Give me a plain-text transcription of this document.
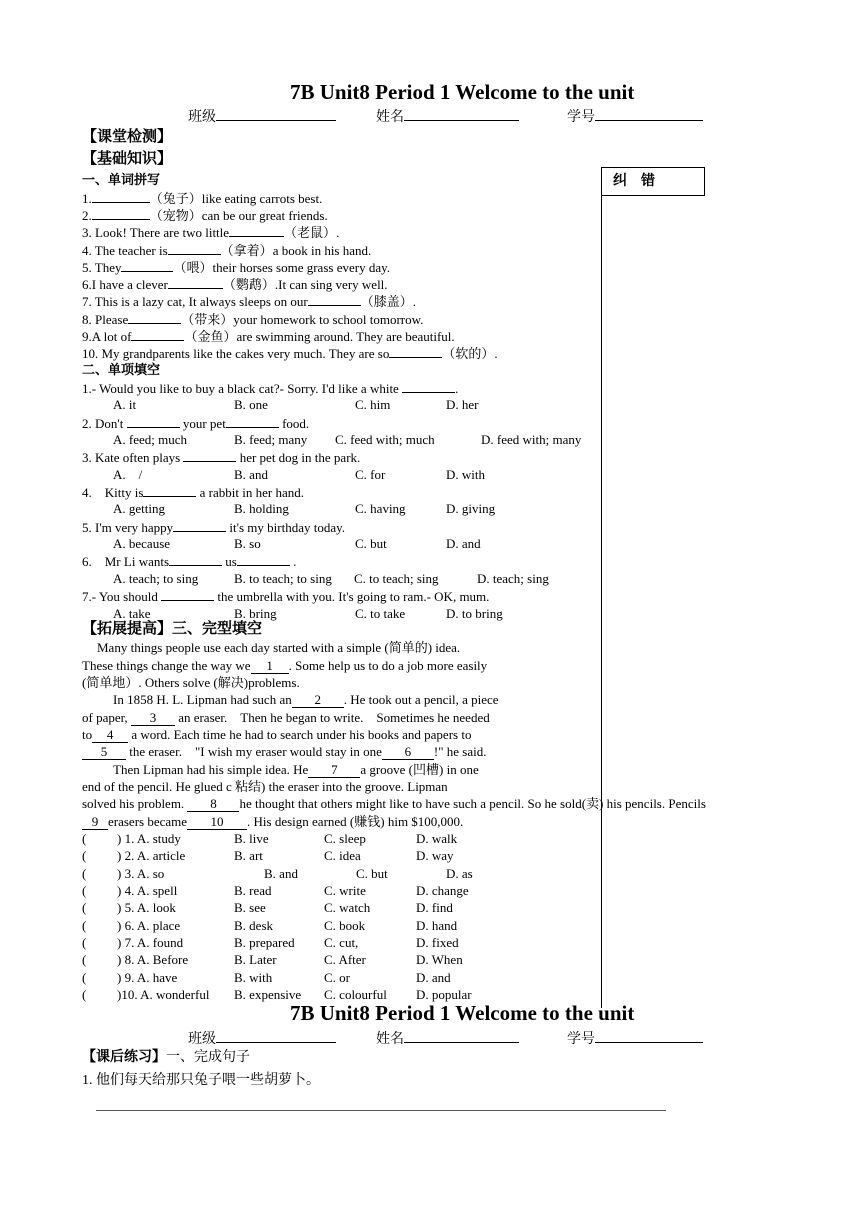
7B Unit8 Period 1 Welcome to the unit
班级	姓名	学号
【课堂检测】
【基础知识】
纠　错
一、单词拼写
1.	（兔子）like eating carrots best.
2.	（宠物）can be our great friends.
3. Look! There are two little	（老鼠）.
4. The teacher is	（拿着）a book in his hand.
5. They	（喂）their horses some grass every day.
6.I have a clever	（鹦鹉）.It can sing very well.
7. This is a lazy cat, It always sleeps on our	（膝盖）.
8. Please	（带来）your homework to school tomorrow.
9.A lot of	（金鱼）are swimming around. They are beautiful.
10. My grandparents like the cakes very much. They are so	（软的）.
二、单项填空
1.- Would you like to buy a black cat?- Sorry. I'd like a white	.
A. it	B. one	C. him	D. her
2. Don't	your pet	food.
A. feed; much	B. feed; many C. feed with; much	D. feed with; many
3. Kate often plays	her pet dog in the park.
A.　/	B. and	C. for	D. with
4.　Kitty is	a rabbit in her hand.
A. getting	B. holding	C. having	D. giving
5. I'm very happy	it's my birthday today.
A. because	B. so	C. but	D. and
6.　Mr Li wants	us	.
A. teach; to sing	B. to teach; to sing C. to teach; sing	D. teach; sing
7.- You should	the umbrella with you. It's going to ram.- OK, mum.
A. take	B. bring	C. to take	D. to bring
【拓展提高】三、完型填空
Many things people use each day started with a simple (简单的) idea.
These things change the way we 1 . Some help us to do a job more easily
(简单地）. Others solve (解决)problems.
In 1858 H. L. Lipman had such an 2 . He took out a pencil, a piece
of paper, 3 an eraser.　Then he began to write.　Sometimes he needed
to 4 a word. Each time he had to search under his books and papers to
5 the eraser.　"I wish my eraser would stay in one 6 !" he said.
Then Lipman had his simple idea. He 7 a groove (凹槽) in one
end of the pencil. He glued c 粘结) the eraser into the groove. Lipman
solved his problem. 8 he thought that others might like to have such a pencil. So he sold(卖) his pencils. Pencils
9 erasers became 10 . His design earned (赚钱) him $100,000.
( ) 1. A. study	B. live	C. sleep	D. walk
( ) 2. A. article	B. art	C. idea	D. way
( ) 3. A. so	B. and	C. but	D. as
( ) 4. A. spell	B. read	C. write	D. change
( ) 5. A. look	B. see	C. watch	D. find
( ) 6. A. place	B. desk	C. book	D. hand
( ) 7. A. found	B. prepared C. cut,	D. fixed
( ) 8. A. Before	B. Later	C. After	D. When
( ) 9. A. have	B. with	C. or	D. and
( )10. A. wonderful B. expensive C. colourful D. popular
7B Unit8 Period 1 Welcome to the unit
班级	姓名	学号
【课后练习】一、完成句子
1. 他们每天给那只兔子喂一些胡萝卜。
